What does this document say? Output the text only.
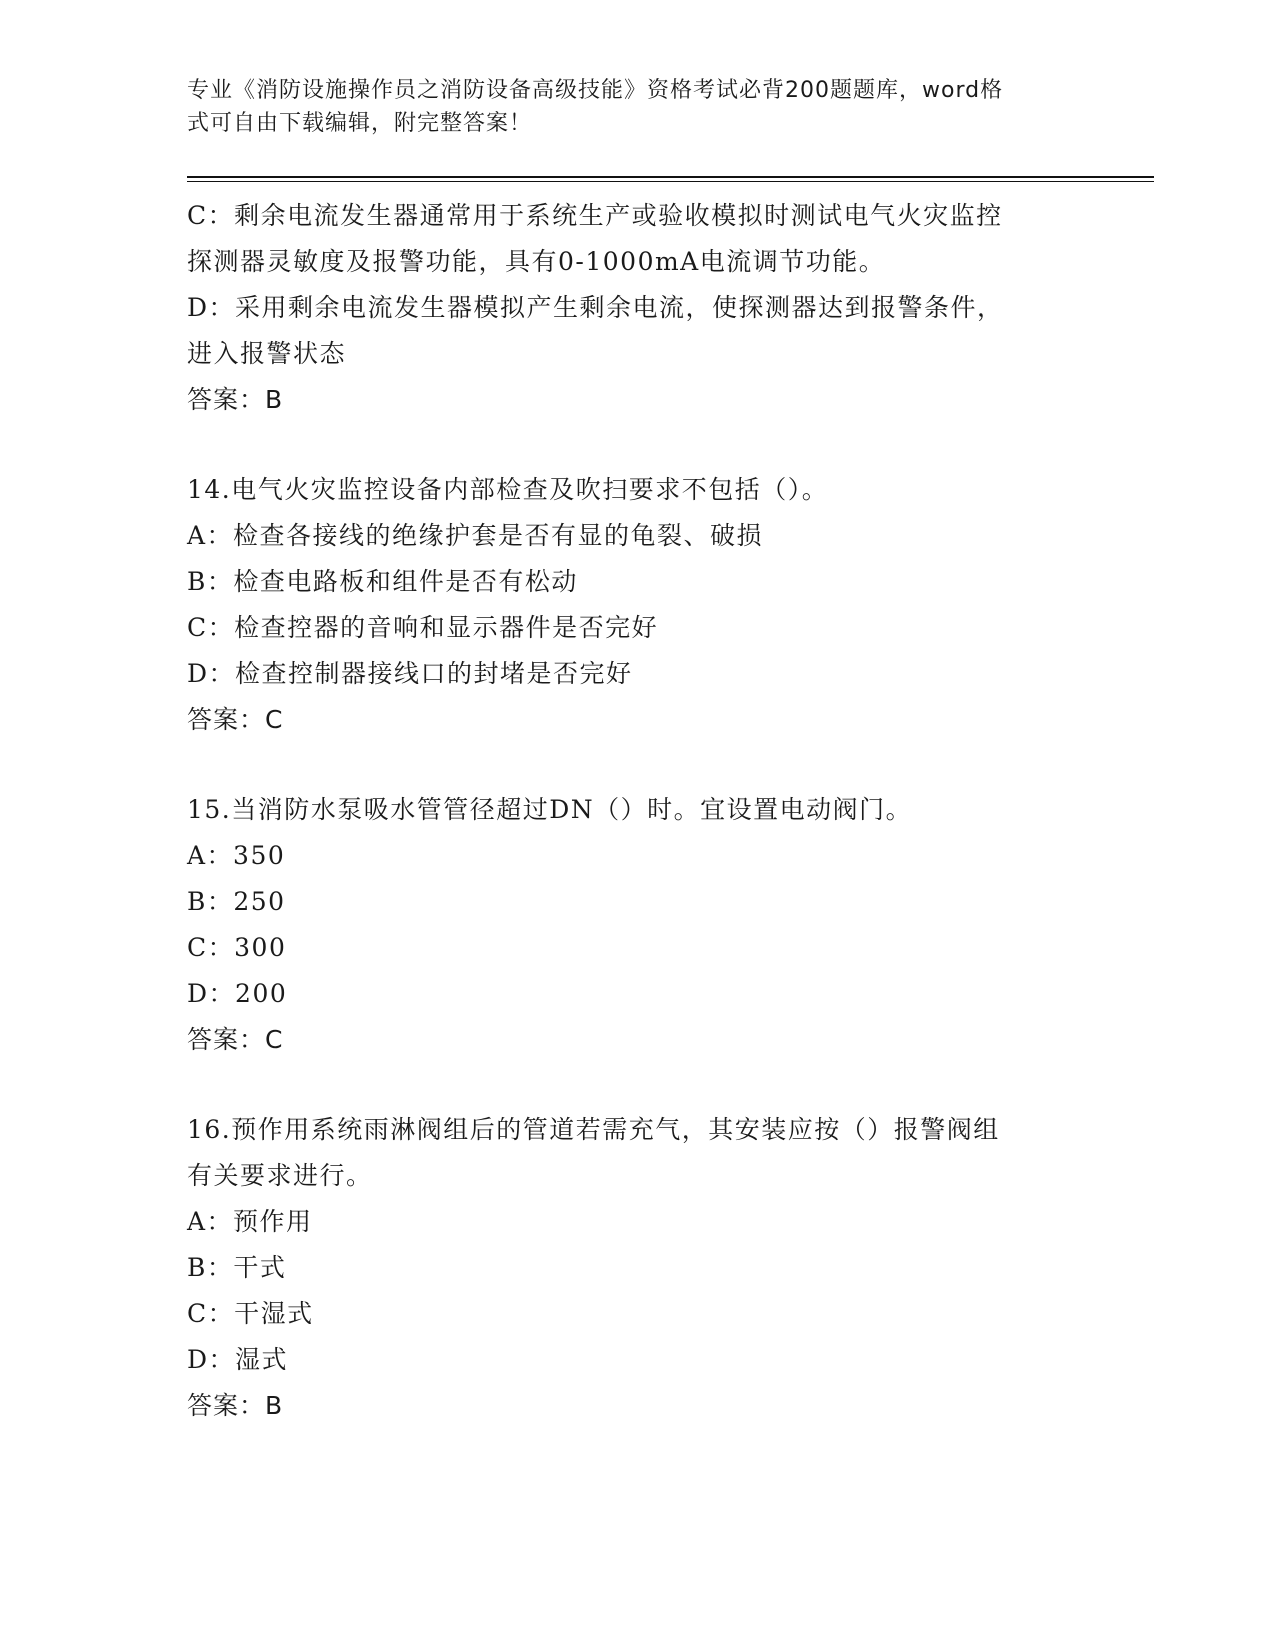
专业《消防设施操作员之消防设备高级技能》资格考试必背200题题库，word格
式可自由下载编辑，附完整答案！
C：剩余电流发生器通常用于系统生产或验收模拟时测试电气火灾监控
探测器灵敏度及报警功能，具有0-1000mA电流调节功能。
D：采用剩余电流发生器模拟产生剩余电流，使探测器达到报警条件，
进入报警状态
答案：B
14.电气火灾监控设备内部检查及吹扫要求不包括（）。
A：检查各接线的绝缘护套是否有显的龟裂、破损
B：检查电路板和组件是否有松动
C：检查控器的音响和显示器件是否完好
D：检查控制器接线口的封堵是否完好
答案：C
15.当消防水泵吸水管管径超过DN（）时。宜设置电动阀门。
A：350
B：250
C：300
D：200
答案：C
16.预作用系统雨淋阀组后的管道若需充气，其安装应按（）报警阀组
有关要求进行。
A：预作用
B：干式
C：干湿式
D：湿式
答案：B
